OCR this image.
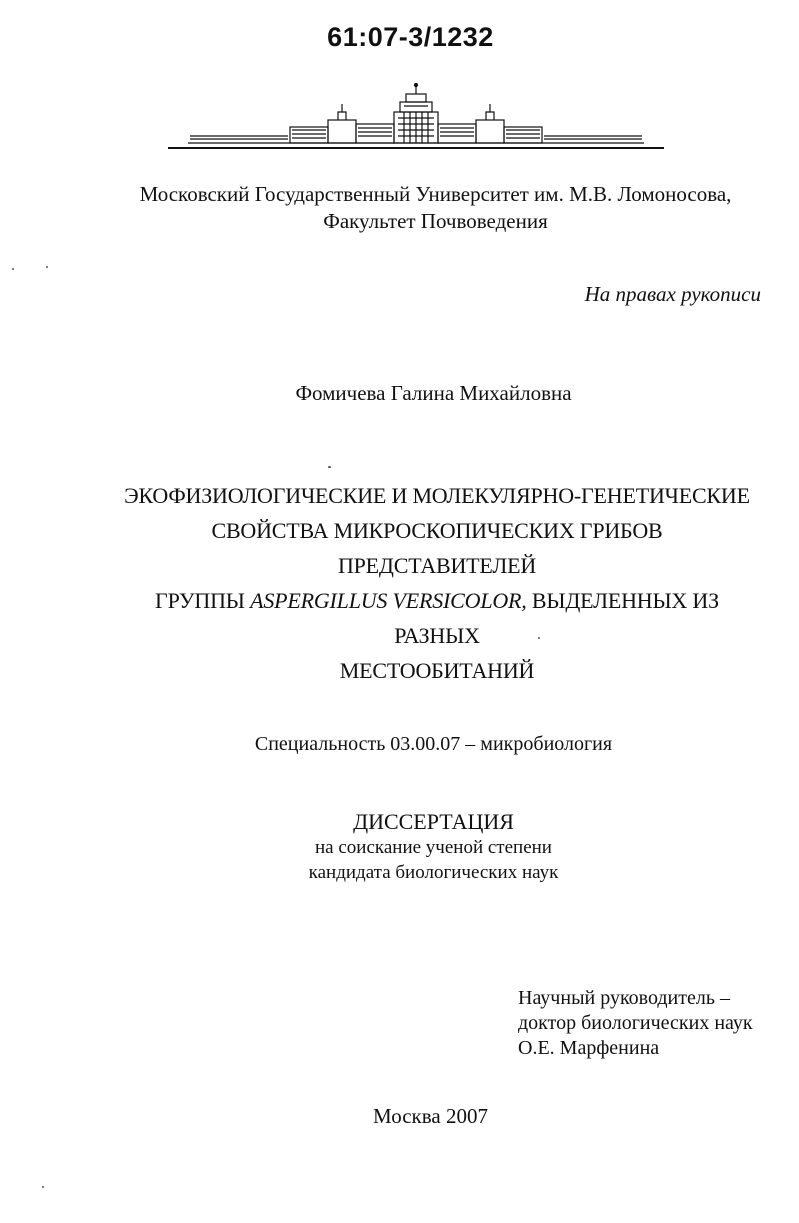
61:07-3/1232
Московский Государственный Университет им. М.В. Ломоносова,
Факультет Почвоведения
На правах рукописи
Фомичева Галина Михайловна
ЭКОФИЗИОЛОГИЧЕСКИЕ И МОЛЕКУЛЯРНО-ГЕНЕТИЧЕСКИЕ
СВОЙСТВА МИКРОСКОПИЧЕСКИХ ГРИБОВ ПРЕДСТАВИТЕЛЕЙ
ГРУППЫ ASPERGILLUS VERSICOLOR, ВЫДЕЛЕННЫХ ИЗ РАЗНЫХ
МЕСТООБИТАНИЙ
Специальность 03.00.07 – микробиология
ДИССЕРТАЦИЯ
на соискание ученой степени
кандидата биологических наук
Научный руководитель –
доктор биологических наук
О.Е. Марфенина
Москва 2007
